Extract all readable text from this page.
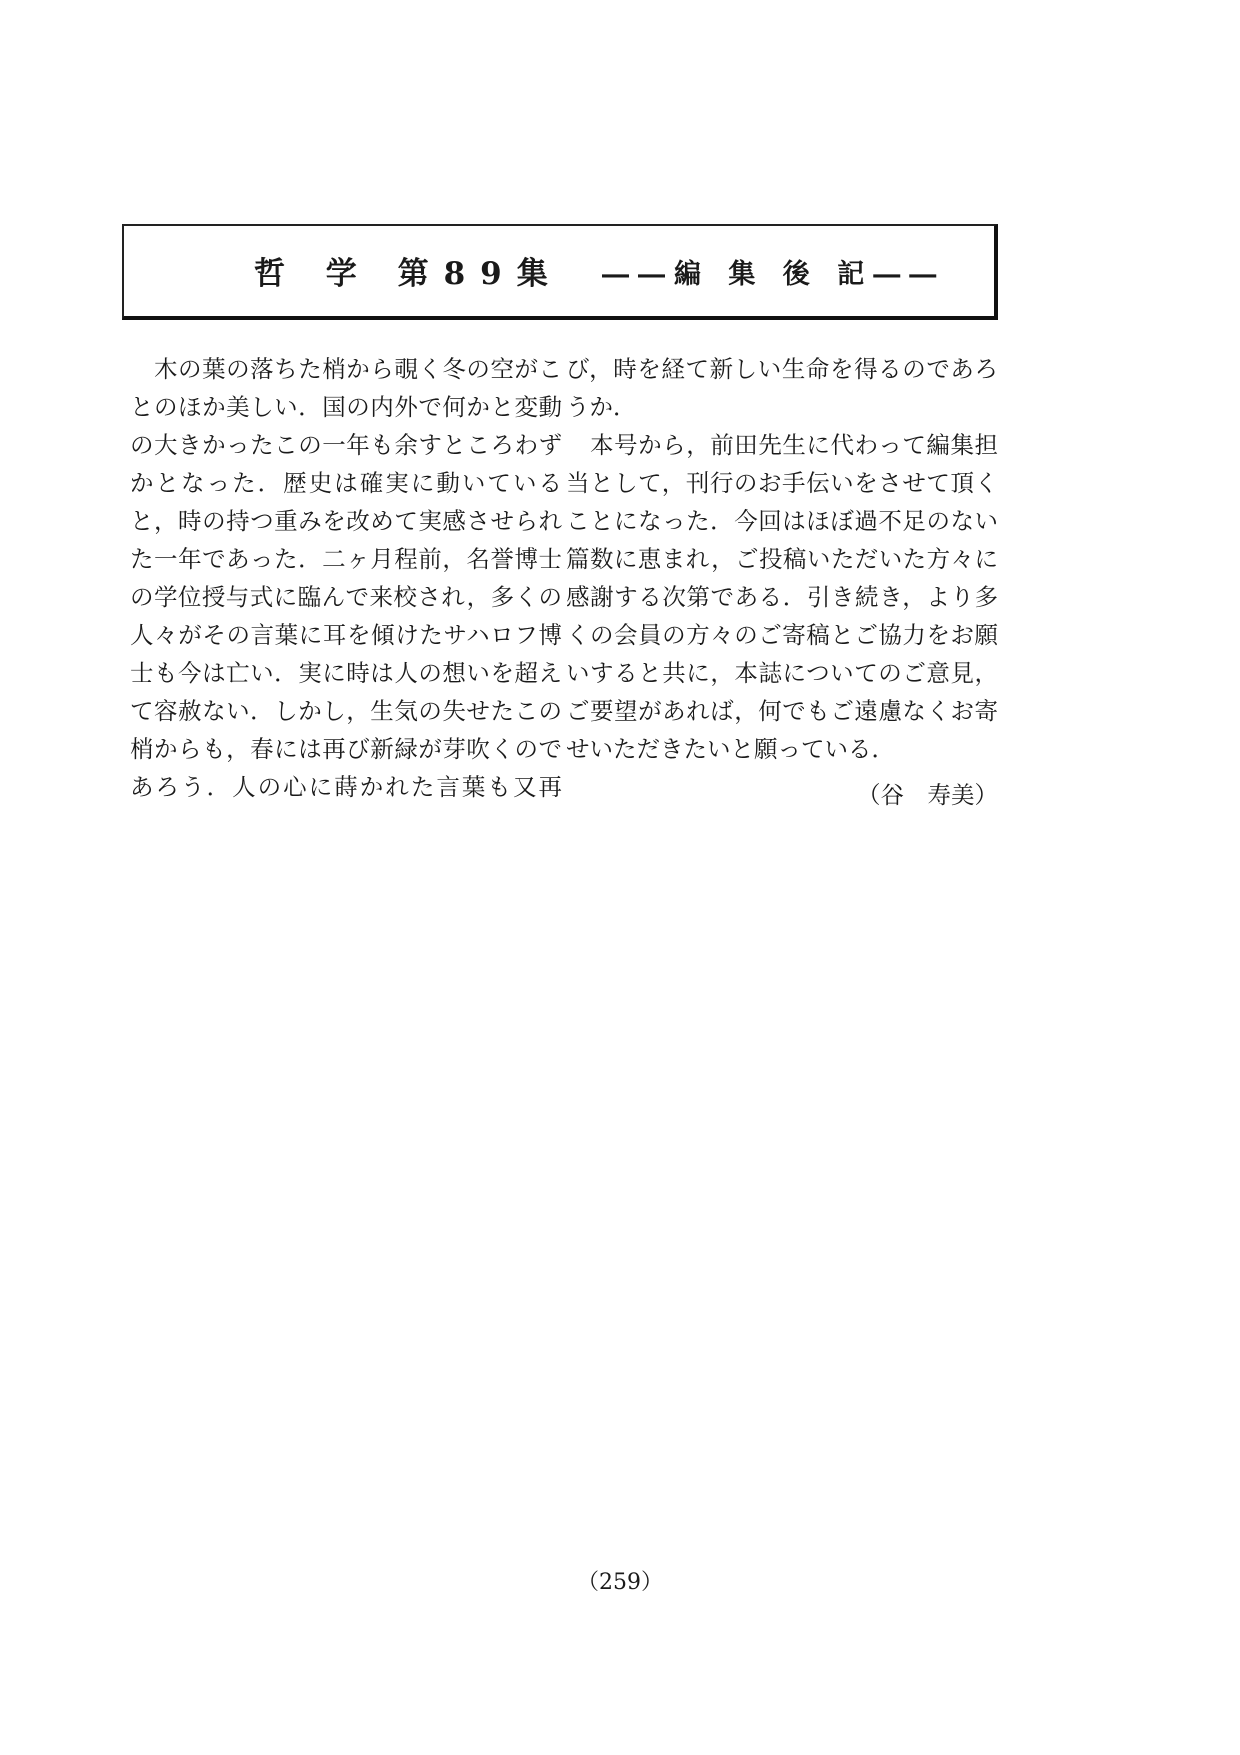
哲 学 第89集 ――編 集 後 記――
　木の葉の落ちた梢から覗く冬の空がこ
とのほか美しい．国の内外で何かと変動
の大きかったこの一年も余すところわず
かとなった．歴史は確実に動いている
と，時の持つ重みを改めて実感させられ
た一年であった．二ヶ月程前，名誉博士
の学位授与式に臨んで来校され，多くの
人々がその言葉に耳を傾けたサハロフ博
士も今は亡い．実に時は人の想いを超え
て容赦ない．しかし，生気の失せたこの
梢からも，春には再び新緑が芽吹くので
あろう．人の心に蒔かれた言葉も又再
び，時を経て新しい生命を得るのであろ
うか．
　本号から，前田先生に代わって編集担
当として，刊行のお手伝いをさせて頂く
ことになった．今回はほぼ過不足のない
篇数に恵まれ，ご投稿いただいた方々に
感謝する次第である．引き続き，より多
くの会員の方々のご寄稿とご協力をお願
いすると共に，本誌についてのご意見，
ご要望があれば，何でもご遠慮なくお寄
せいただきたいと願っている．
（谷　寿美）
（259）
